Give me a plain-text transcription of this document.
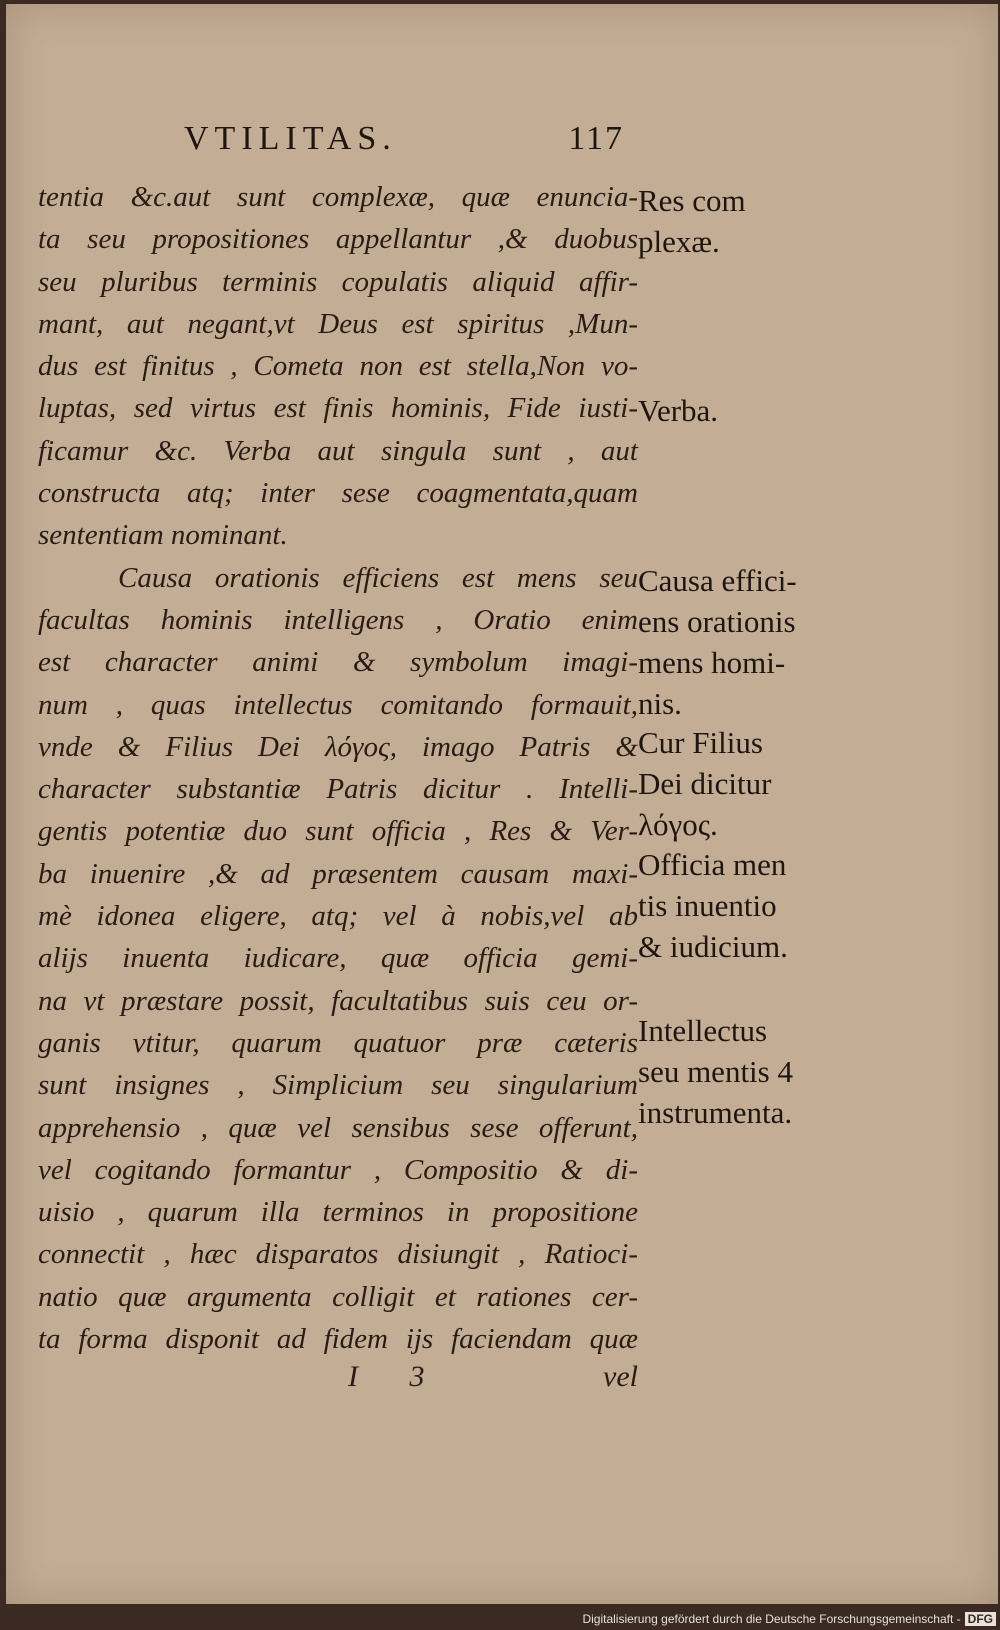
VTILITAS.	117
tentia &c.aut sunt complexæ, quæ enuncia-
ta seu propositiones appellantur ,& duobus
seu pluribus terminis copulatis aliquid affir-
mant, aut negant,vt Deus est spiritus ,Mun-
dus est finitus , Cometa non est stella,Non vo-
luptas, sed virtus est finis hominis, Fide iusti-
ficamur &c. Verba aut singula sunt , aut
constructa atq; inter sese coagmentata,quam
sententiam nominant.
Causa orationis efficiens est mens seu
facultas hominis intelligens , Oratio enim
est character animi & symbolum imagi-
num , quas intellectus comitando formauit,
vnde & Filius Dei λόγος, imago Patris &
character substantiæ Patris dicitur . Intelli-
gentis potentiæ duo sunt officia , Res & Ver-
ba inuenire ,& ad præsentem causam maxi-
mè idonea eligere, atq; vel à nobis,vel ab
alijs inuenta iudicare, quæ officia gemi-
na vt præstare possit, facultatibus suis ceu or-
ganis vtitur, quarum quatuor præ cæteris
sunt insignes , Simplicium seu singularium
apprehensio , quæ vel sensibus sese offerunt,
vel cogitando formantur , Compositio & di-
uisio , quarum illa terminos in propositione
connectit , hæc disparatos disiungit , Ratioci-
natio quæ argumenta colligit et rationes cer-
ta forma disponit ad fidem ijs faciendam quæ
Res com
plexæ.
Verba.
Causa effici-
ens orationis
mens homi-
nis.
Cur Filius
Dei dicitur
λόγος.
Officia men
tis inuentio
& iudicium.
Intellectus
seu mentis 4
instrumenta.
I 3	vel
Digitalisierung gefördert durch die Deutsche Forschungsgemeinschaft - DFG
